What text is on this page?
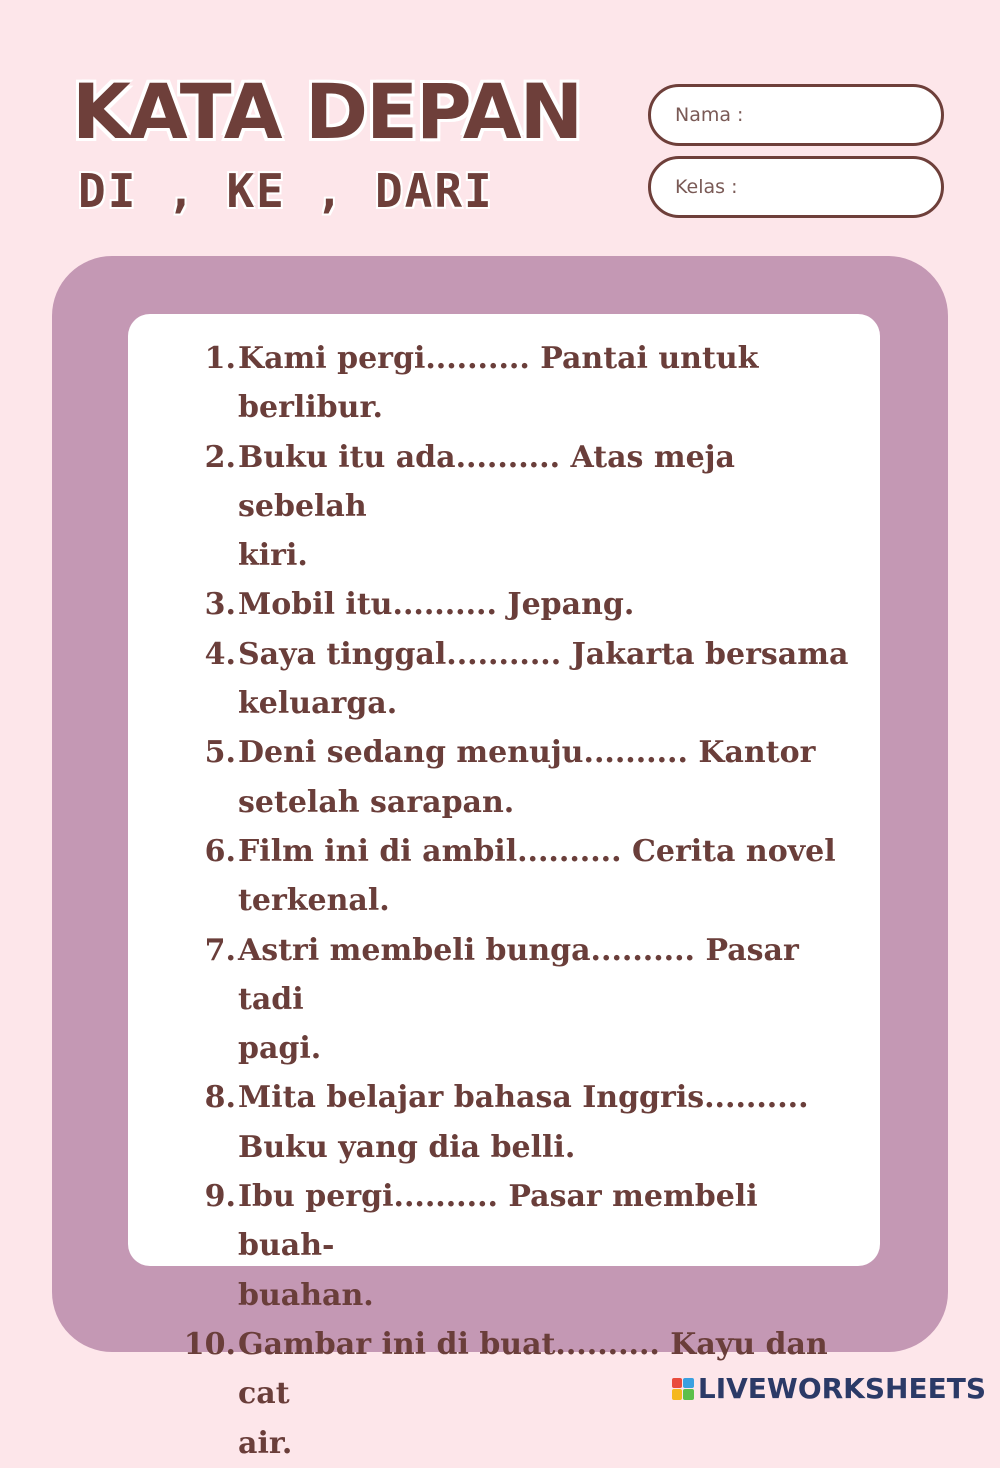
KATA DEPAN
DI , KE , DARI
Nama :
Kelas :
1. Kami pergi.......... Pantai untuk
berlibur.
2. Buku itu ada.......... Atas meja sebelah
kiri.
3. Mobil itu.......... Jepang.
4. Saya tinggal........... Jakarta bersama
keluarga.
5. Deni sedang menuju.......... Kantor
setelah sarapan.
6. Film ini di ambil.......... Cerita novel
terkenal.
7. Astri membeli bunga.......... Pasar tadi
pagi.
8. Mita belajar bahasa Inggris..........
Buku yang dia belli.
9. Ibu pergi.......... Pasar membeli buah-
buahan.
10. Gambar ini di buat.......... Kayu dan cat
air.
LIVEWORKSHEETS
